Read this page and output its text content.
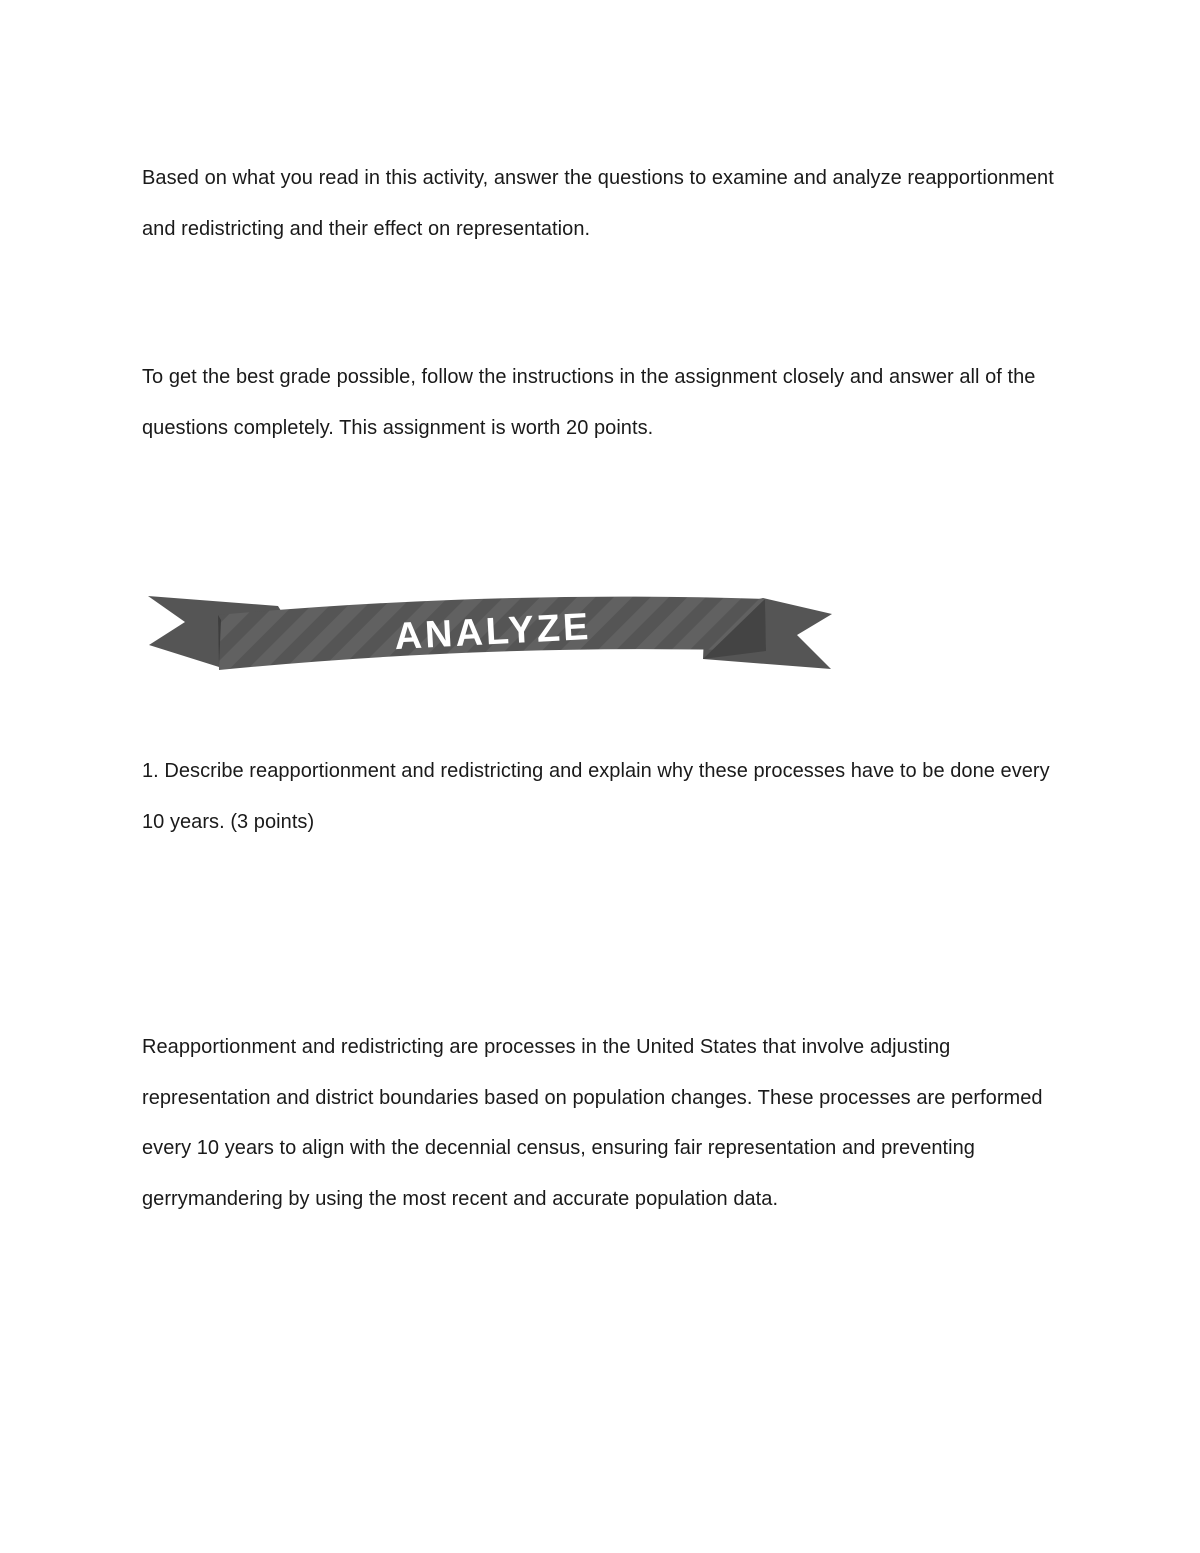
Based on what you read in this activity, answer the questions to examine and analyze reapportionment and redistricting and their effect on representation.

To get the best grade possible, follow the instructions in the assignment closely and answer all of the questions completely. This assignment is worth 20 points.

ANALYZE

1. Describe reapportionment and redistricting and explain why these processes have to be done every 10 years. (3 points)

Reapportionment and redistricting are processes in the United States that involve adjusting representation and district boundaries based on population changes. These processes are performed every 10 years to align with the decennial census, ensuring fair representation and preventing gerrymandering by using the most recent and accurate population data.
